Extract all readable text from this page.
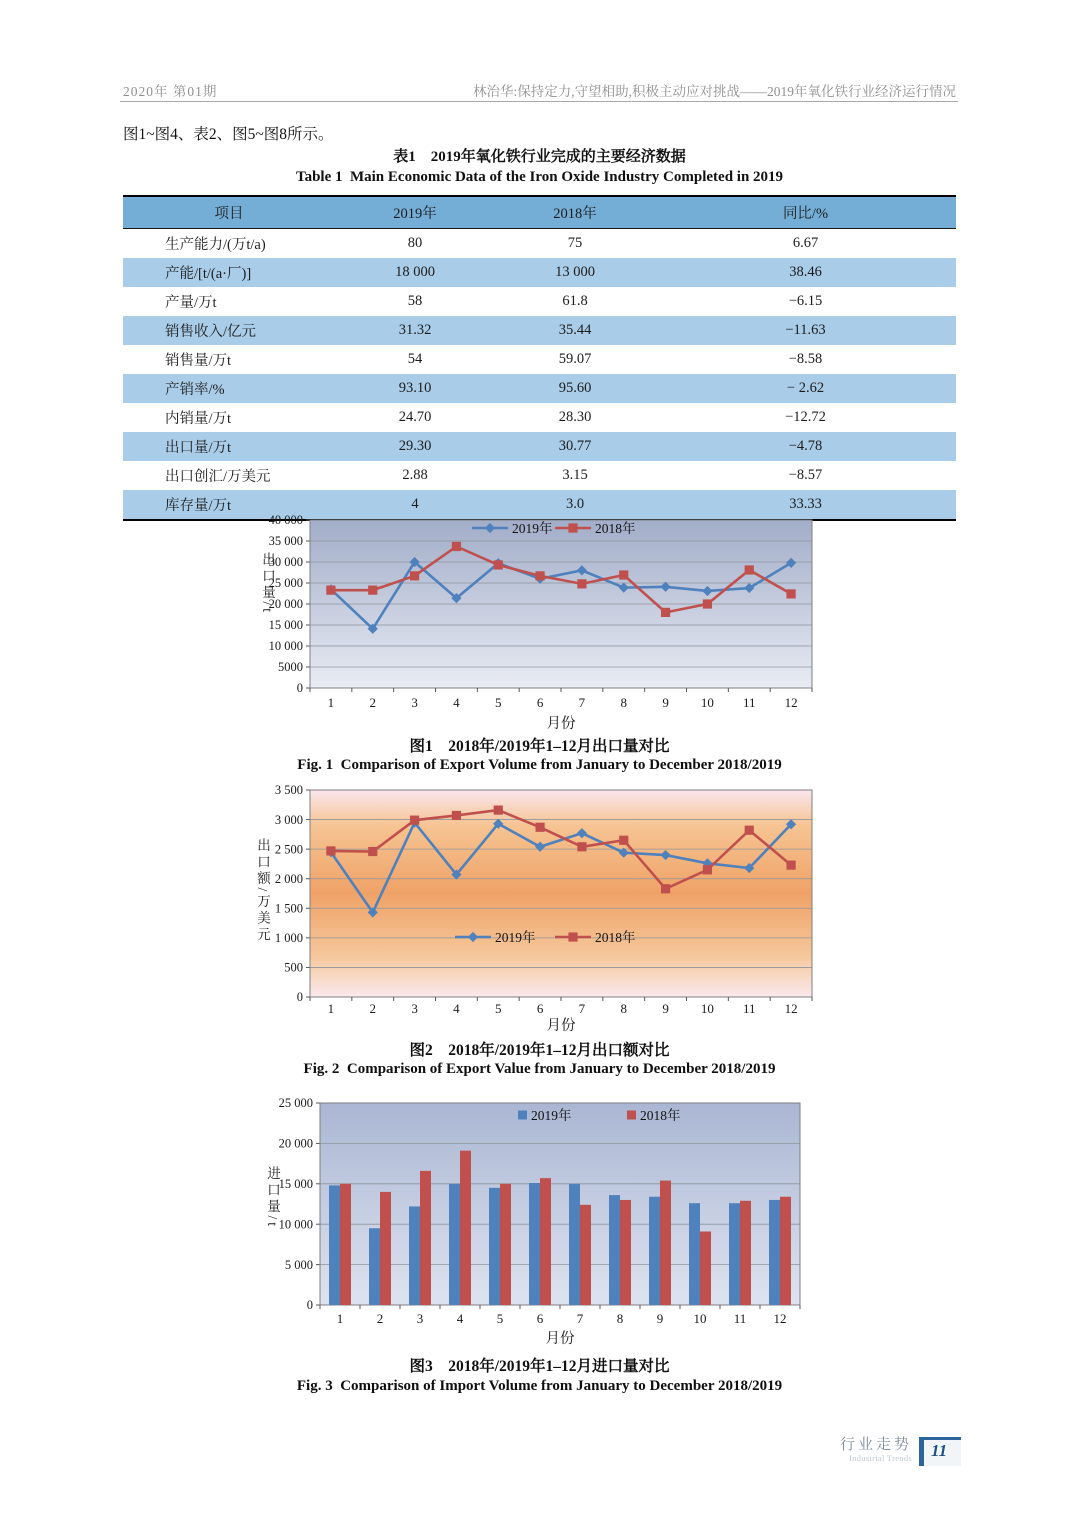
2020年 第01期	林治华:保持定力,守望相助,积极主动应对挑战——2019年氧化铁行业经济运行情况
图1~图4、表2、图5~图8所示。
表1　2019年氧化铁行业完成的主要经济数据
Table 1  Main Economic Data of the Iron Oxide Industry Completed in 2019
项目	2019年	2018年	同比/%
生产能力/(万t/a)	80	75	6.67
产能/[t/(a·厂)]	18 000	13 000	38.46
产量/万t	58	61.8	−6.15
销售收入/亿元	31.32	35.44	−11.63
销售量/万t	54	59.07	−8.58
产销率/%	93.10	95.60	− 2.62
内销量/万t	24.70	28.30	−12.72
出口量/万t	29.30	30.77	−4.78
出口创汇/万美元	2.88	3.15	−8.57
库存量/万t	4	3.0	33.33
0
5000
10 000
15 000
20 000
25 000
30 000
35 000
40 000
1	2	3	4	5	6	7	8	9 10 11 12
月份
2019年	2018年
出口量/t
图1　2018年/2019年1–12月出口量对比
Fig. 1  Comparison of Export Volume from January to December 2018/2019
0
500
1 000
1 500
2 000
2 500
3 000
3 500
1	2	3	4	5	6	7	8	9 10 11 12
月份
2019年	2018年
出口额/万美元
图2　2018年/2019年1–12月出口额对比
Fig. 2  Comparison of Export Value from January to December 2018/2019
0
5 000
10 000
15 000
20 000
25 000
1	2	3	4	5	6	7	8	9 10 11 12
月份
2019年	2018年
进口量/t
图3　2018年/2019年1–12月进口量对比
Fig. 3  Comparison of Import Volume from January to December 2018/2019
行业走势
Industrial Trends	11
